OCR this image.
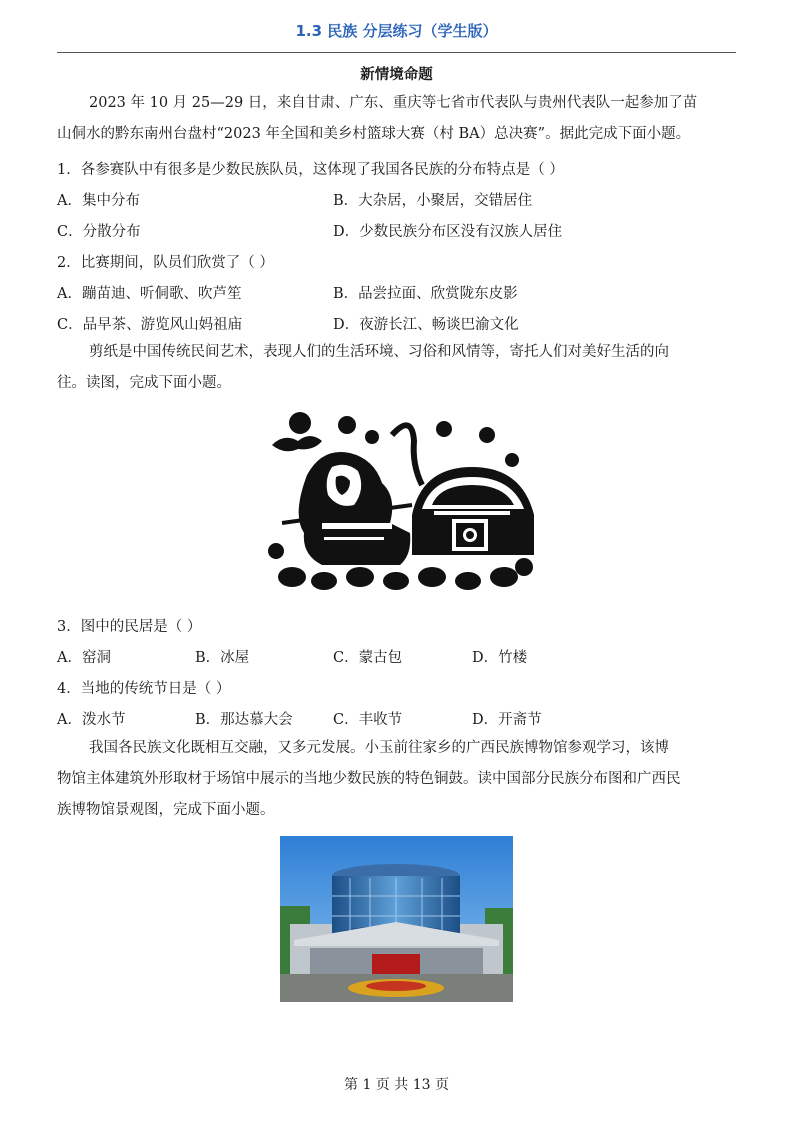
1.3 民族 分层练习（学生版）
新情境命题
2023 年 10 月 25—29 日，来自甘肃、广东、重庆等七省市代表队与贵州代表队一起参加了苗
山侗水的黔东南州台盘村“2023 年全国和美乡村篮球大赛（村 BA）总决赛”。据此完成下面小题。
1．各参赛队中有很多是少数民族队员，这体现了我国各民族的分布特点是（ ）
A．集中分布	B．大杂居，小聚居，交错居住
C．分散分布	D．少数民族分布区没有汉族人居住
2．比赛期间，队员们欣赏了（ ）
A．蹦苗迪、听侗歌、吹芦笙	B．品尝拉面、欣赏陇东皮影
C．品早茶、游览风山妈祖庙	D．夜游长江、畅谈巴渝文化
剪纸是中国传统民间艺术，表现人们的生活环境、习俗和风情等，寄托人们对美好生活的向
往。读图，完成下面小题。
3．图中的民居是（ ）
A．窑洞	B．冰屋	C．蒙古包	D．竹楼
4．当地的传统节日是（ ）
A．泼水节	B．那达慕大会	C．丰收节	D．开斋节
我国各民族文化既相互交融，又多元发展。小玉前往家乡的广西民族博物馆参观学习，该博
物馆主体建筑外形取材于场馆中展示的当地少数民族的特色铜鼓。读中国部分民族分布图和广西民
族博物馆景观图，完成下面小题。
第 1 页 共 13 页
